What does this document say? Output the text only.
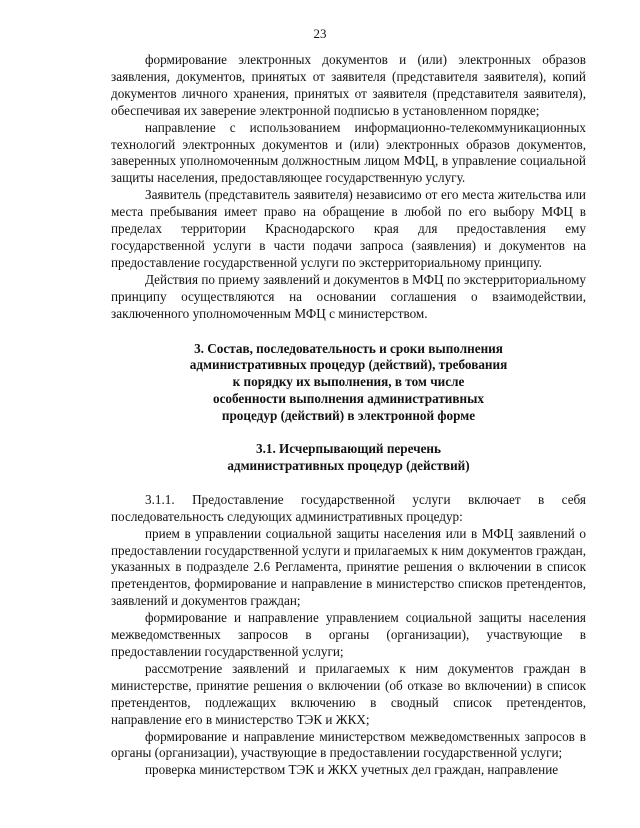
23

формирование электронных документов и (или) электронных образов заявления, документов, принятых от заявителя (представителя заявителя), копий документов личного хранения, принятых от заявителя (представителя заявителя), обеспечивая их заверение электронной подписью в установленном порядке;

направление с использованием информационно-телекоммуникационных технологий электронных документов и (или) электронных образов документов, заверенных уполномоченным должностным лицом МФЦ, в управление социальной защиты населения, предоставляющее государственную услугу.

Заявитель (представитель заявителя) независимо от его места жительства или места пребывания имеет право на обращение в любой по его выбору МФЦ в пределах территории Краснодарского края для предоставления ему государственной услуги в части подачи запроса (заявления) и документов на предоставление государственной услуги по экстерриториальному принципу.

Действия по приему заявлений и документов в МФЦ по экстерриториальному принципу осуществляются на основании соглашения о взаимодействии, заключенного уполномоченным МФЦ с министерством.

3. Состав, последовательность и сроки выполнения
административных процедур (действий), требования
к порядку их выполнения, в том числе
особенности выполнения административных
процедур (действий) в электронной форме
3.1. Исчерпывающий перечень
административных процедур (действий)

3.1.1. Предоставление государственной услуги включает в себя последовательность следующих административных процедур:

прием в управлении социальной защиты населения или в МФЦ заявлений о предоставлении государственной услуги и прилагаемых к ним документов граждан, указанных в подразделе 2.6 Регламента, принятие решения о включении в список претендентов, формирование и направление в министерство списков претендентов, заявлений и документов граждан;

формирование и направление управлением социальной защиты населения межведомственных запросов в органы (организации), участвующие в предоставлении государственной услуги;

рассмотрение заявлений и прилагаемых к ним документов граждан в министерстве, принятие решения о включении (об отказе во включении) в список претендентов, подлежащих включению в сводный список претендентов, направление его в министерство ТЭК и ЖКХ;

формирование и направление министерством межведомственных запросов в органы (организации), участвующие в предоставлении государственной услуги;

проверка министерством ТЭК и ЖКХ учетных дел граждан, направление
